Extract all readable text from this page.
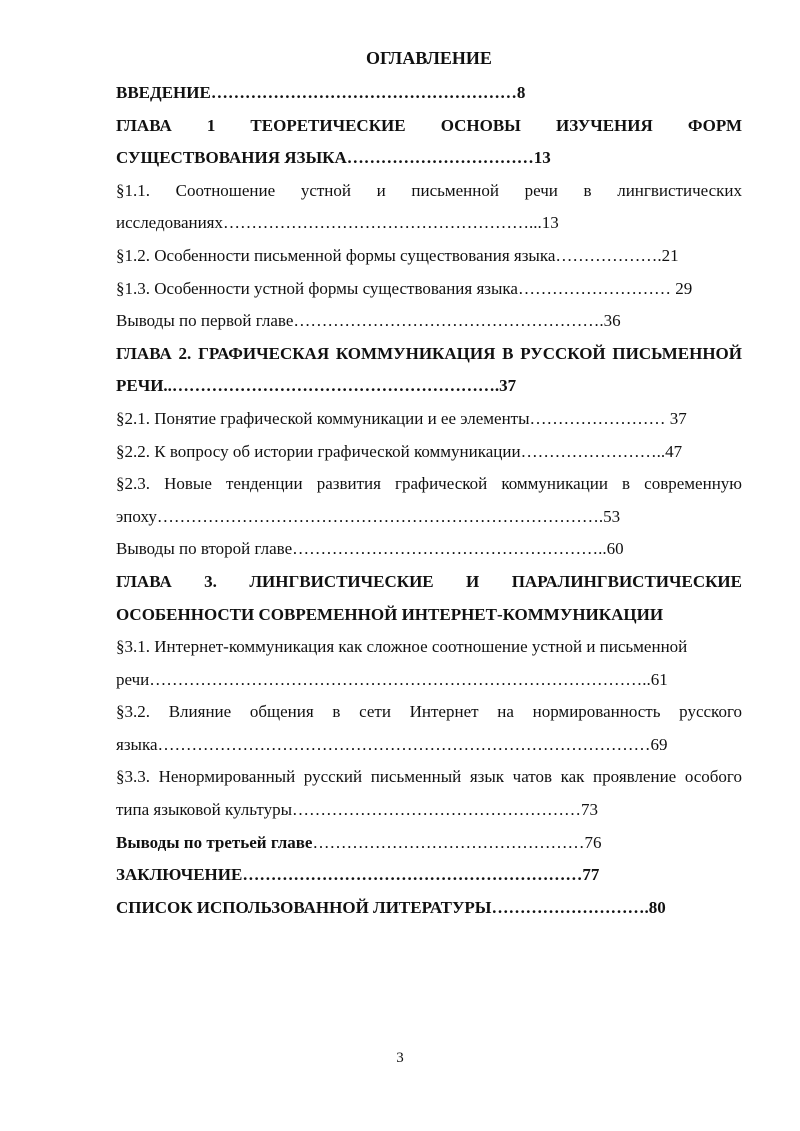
ОГЛАВЛЕНИЕ
ВВЕДЕНИЕ………………………………………………8
ГЛАВА 1 ТЕОРЕТИЧЕСКИЕ ОСНОВЫ ИЗУЧЕНИЯ ФОРМ СУЩЕСТВОВАНИЯ ЯЗЫКА……………………………13
§1.1. Соотношение устной и письменной речи в лингвистических исследованиях………………………………………………...13
§1.2. Особенности письменной формы существования языка……………….21
§1.3. Особенности устной формы существования языка……………………… 29
Выводы по первой главе……………………………………………….36
ГЛАВА 2. ГРАФИЧЕСКАЯ КОММУНИКАЦИЯ В РУССКОЙ ПИСЬМЕННОЙ РЕЧИ..………………………………………………….37
§2.1. Понятие графической коммуникации и ее элементы…………………… 37
§2.2. К вопросу об истории графической коммуникации……………………..47
§2.3. Новые тенденции развития графической коммуникации в современную эпоху…………………………………………………………………….53
Выводы по второй главе………………………………………………..60
ГЛАВА 3. ЛИНГВИСТИЧЕСКИЕ И ПАРАЛИНГВИСТИЧЕСКИЕ ОСОБЕННОСТИ СОВРЕМЕННОЙ ИНТЕРНЕТ-КОММУНИКАЦИИ
§3.1. Интернет-коммуникация как сложное соотношение устной и письменной
речи……………………………………………………………………………..61
§3.2. Влияние общения в сети Интернет на нормированность русского языка……………………………………………………………………………69
§3.3. Ненормированный русский письменный язык чатов как проявление особого типа языковой культуры……………………………………………73
Выводы по третьей главе…………………………………………76
ЗАКЛЮЧЕНИЕ……………………………………………………77
СПИСОК ИСПОЛЬЗОВАННОЙ ЛИТЕРАТУРЫ……………………….80
3
